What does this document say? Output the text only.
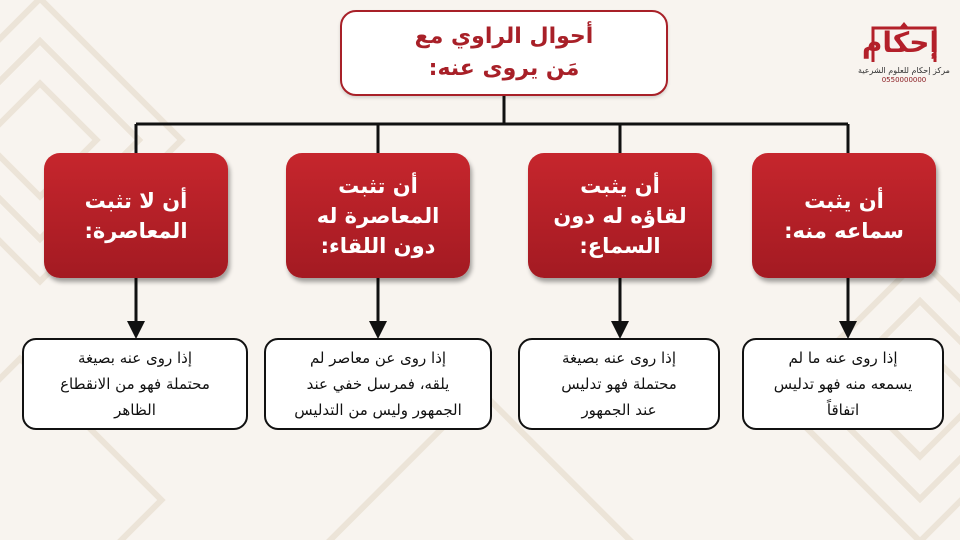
أحوال الراوي مع
مَن يروى عنه:
أن يثبت
سماعه منه:
إذا روى عنه ما لم
يسمعه منه فهو تدليس
اتفاقاً
أن يثبت
لقاؤه له دون
السماع:
إذا روى عنه بصيغة
محتملة فهو تدليس
عند الجمهور
أن تثبت
المعاصرة له
دون اللقاء:
إذا روى عن معاصر لم
يلقه، فمرسل خفي عند
الجمهور وليس من التدليس
أن لا تثبت
المعاصرة:
إذا روى عنه بصيغة
محتملة فهو من الانقطاع
الظاهر
إحكام
مركز إحكام للعلوم الشرعية
0550000000
